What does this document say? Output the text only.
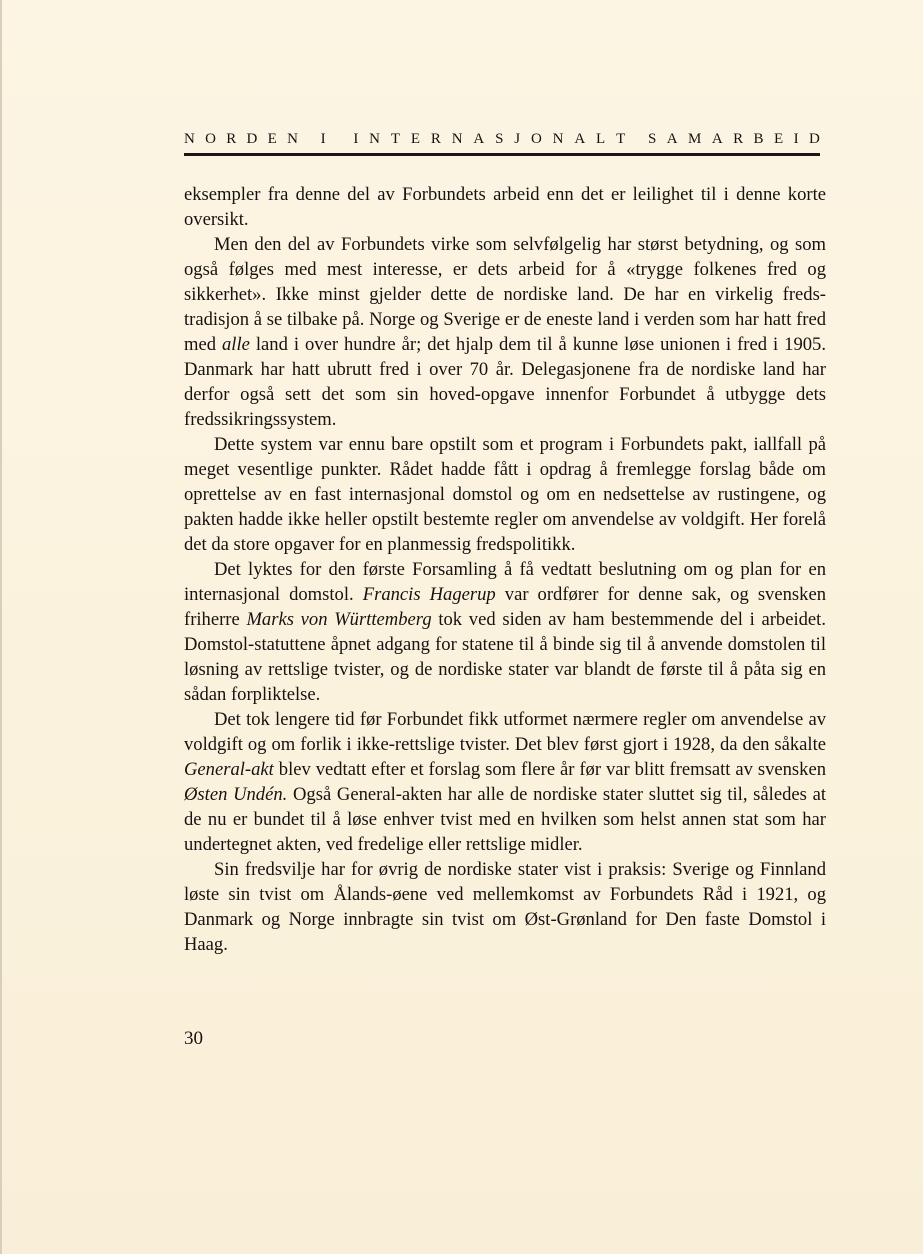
N O R D E N I I N T E R N A S J O N A L T S A M A R B E I D

eksempler fra denne del av Forbundets arbeid enn det er leilighet til i denne korte oversikt.

Men den del av Forbundets virke som selvfølgelig har størst betydning, og som også følges med mest interesse, er dets arbeid for å «trygge folkenes fred og sikkerhet». Ikke minst gjelder dette de nordiske land. De har en virkelig freds-tradisjon å se tilbake på. Norge og Sverige er de eneste land i verden som har hatt fred med alle land i over hundre år; det hjalp dem til å kunne løse unionen i fred i 1905. Danmark har hatt ubrutt fred i over 70 år. Delegasjonene fra de nordiske land har derfor også sett det som sin hoved-opgave innenfor Forbundet å utbygge dets fredssikringssystem.

Dette system var ennu bare opstilt som et program i Forbundets pakt, iallfall på meget vesentlige punkter. Rådet hadde fått i opdrag å fremlegge forslag både om oprettelse av en fast internasjonal domstol og om en nedsettelse av rustingene, og pakten hadde ikke heller opstilt bestemte regler om anvendelse av voldgift. Her forelå det da store opgaver for en planmessig fredspolitikk.

Det lyktes for den første Forsamling å få vedtatt beslutning om og plan for en internasjonal domstol. Francis Hagerup var ordfører for denne sak, og svensken friherre Marks von Württemberg tok ved siden av ham bestemmende del i arbeidet. Domstol-statuttene åpnet adgang for statene til å binde sig til å anvende domstolen til løsning av rettslige tvister, og de nordiske stater var blandt de første til å påta sig en sådan forpliktelse.

Det tok lengere tid før Forbundet fikk utformet nærmere regler om anvendelse av voldgift og om forlik i ikke-rettslige tvister. Det blev først gjort i 1928, da den såkalte General-akt blev vedtatt efter et forslag som flere år før var blitt fremsatt av svensken Østen Undén. Også General-akten har alle de nordiske stater sluttet sig til, således at de nu er bundet til å løse enhver tvist med en hvilken som helst annen stat som har undertegnet akten, ved fredelige eller rettslige midler.

Sin fredsvilje har for øvrig de nordiske stater vist i praksis: Sverige og Finnland løste sin tvist om Ålands-øene ved mellemkomst av Forbundets Råd i 1921, og Danmark og Norge innbragte sin tvist om Øst-Grønland for Den faste Domstol i Haag.

30
